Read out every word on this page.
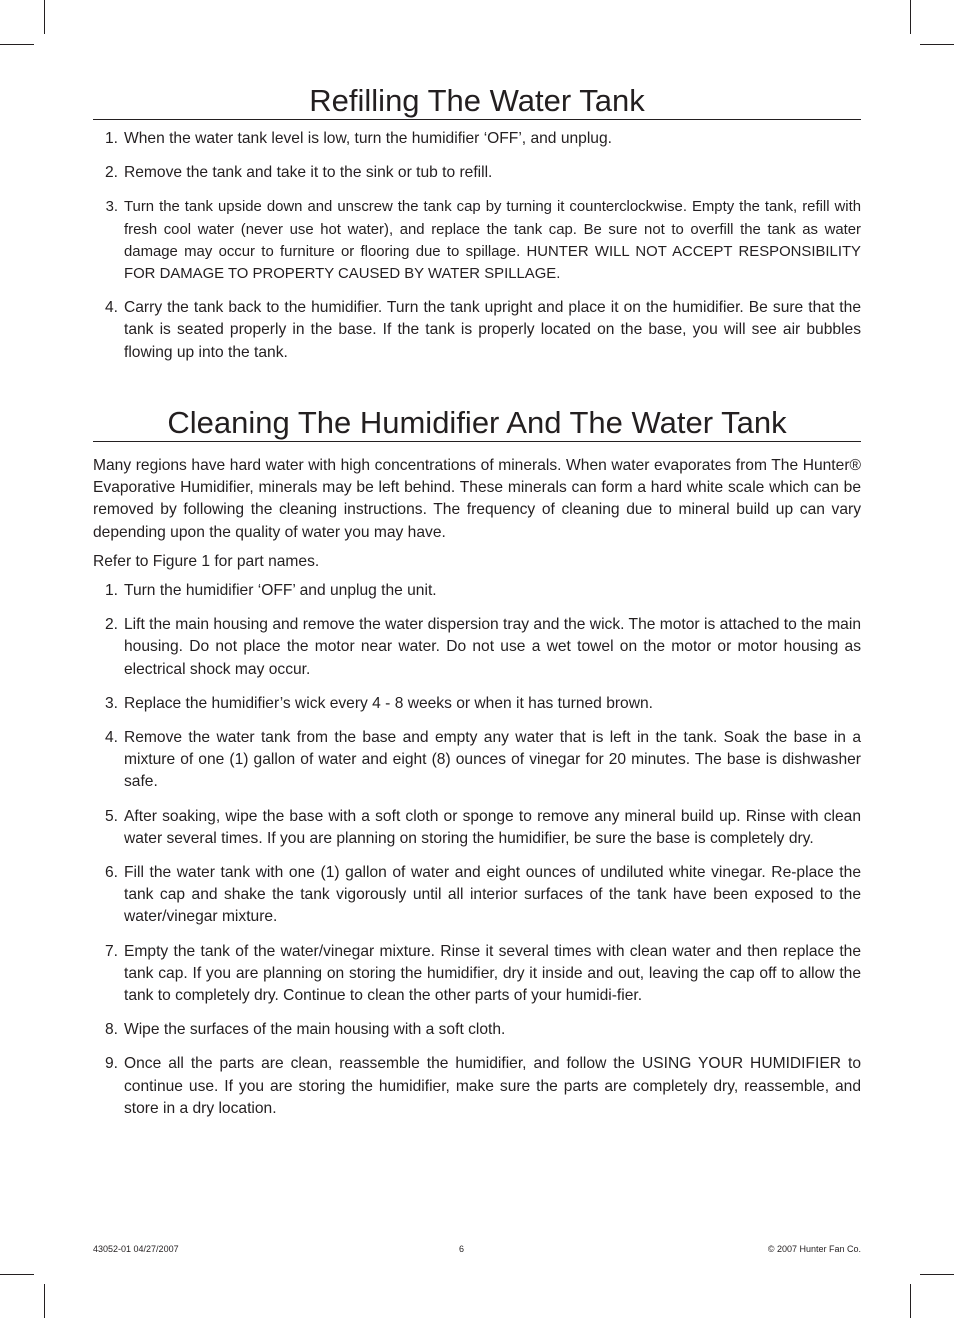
Refilling The Water Tank
1. When the water tank level is low, turn the humidifier ‘OFF’, and unplug.
2. Remove the tank and take it to the sink or tub to refill.
3. Turn the tank upside down and unscrew the tank cap by turning it counterclockwise. Empty the tank, refill with fresh cool water (never use hot water), and replace the tank cap. Be sure not to overfill the tank as water damage may occur to furniture or flooring due to spillage. HUNTER WILL NOT ACCEPT RESPONSIBILITY FOR DAMAGE TO PROPERTY CAUSED BY WATER SPILLAGE.
4. Carry the tank back to the humidifier. Turn the tank upright and place it on the humidifier. Be sure that the tank is seated properly in the base. If the tank is properly located on the base, you will see air bubbles flowing up into the tank.
Cleaning The Humidifier And The Water Tank

Many regions have hard water with high concentrations of minerals. When water evaporates from The Hunter® Evaporative Humidifier, minerals may be left behind. These minerals can form a hard white scale which can be removed by following the cleaning instructions. The frequency of cleaning due to mineral build up can vary depending upon the quality of water you may have.

Refer to Figure 1 for part names.

1. Turn the humidifier ‘OFF’ and unplug the unit.
2. Lift the main housing and remove the water dispersion tray and the wick. The motor is attached to the main housing. Do not place the motor near water. Do not use a wet towel on the motor or motor housing as electrical shock may occur.
3. Replace the humidifier’s wick every 4 - 8 weeks or when it has turned brown.
4. Remove the water tank from the base and empty any water that is left in the tank. Soak the base in a mixture of one (1) gallon of water and eight (8) ounces of vinegar for 20 minutes. The base is dishwasher safe.
5. After soaking, wipe the base with a soft cloth or sponge to remove any mineral build up. Rinse with clean water several times. If you are planning on storing the humidifier, be sure the base is completely dry.
6. Fill the water tank with one (1) gallon of water and eight ounces of undiluted white vinegar. Re-place the tank cap and shake the tank vigorously until all interior surfaces of the tank have been exposed to the water/vinegar mixture.
7. Empty the tank of the water/vinegar mixture. Rinse it several times with clean water and then replace the tank cap. If you are planning on storing the humidifier, dry it inside and out, leaving the cap off to allow the tank to completely dry. Continue to clean the other parts of your humidi-fier.
8. Wipe the surfaces of the main housing with a soft cloth.
9. Once all the parts are clean, reassemble the humidifier, and follow the USING YOUR HUMIDIFIER to continue use. If you are storing the humidifier, make sure the parts are completely dry, reassemble, and store in a dry location.
43052-01 04/27/2007	6	© 2007 Hunter Fan Co.
